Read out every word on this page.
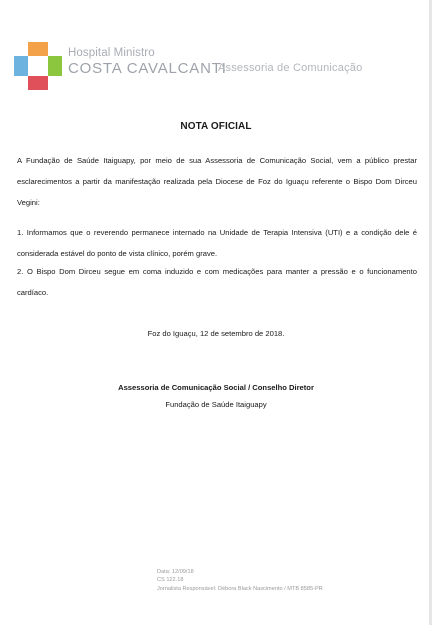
Hospital Ministro
COSTA CAVALCANTI
Assessoria de Comunicação
NOTA OFICIAL

A Fundação de Saúde Itaiguapy, por meio de sua Assessoria de Comunicação Social, vem a público prestar esclarecimentos a partir da manifestação realizada pela Diocese de Foz do Iguaçu referente o Bispo Dom Dirceu Vegini:

1. Informamos que o reverendo permanece internado na Unidade de Terapia Intensiva (UTI) e a condição dele é considerada estável do ponto de vista clínico, porém grave.

2. O Bispo Dom Dirceu segue em coma induzido e com medicações para manter a pressão e o funcionamento cardíaco.

Foz do Iguaçu, 12 de setembro de 2018.
Assessoria de Comunicação Social / Conselho Diretor
Fundação de Saúde Itaiguapy
Data: 12/09/18
CS 122.18
Jornalista Responsável: Débora Black Nascimento / MTB 8585-PR
